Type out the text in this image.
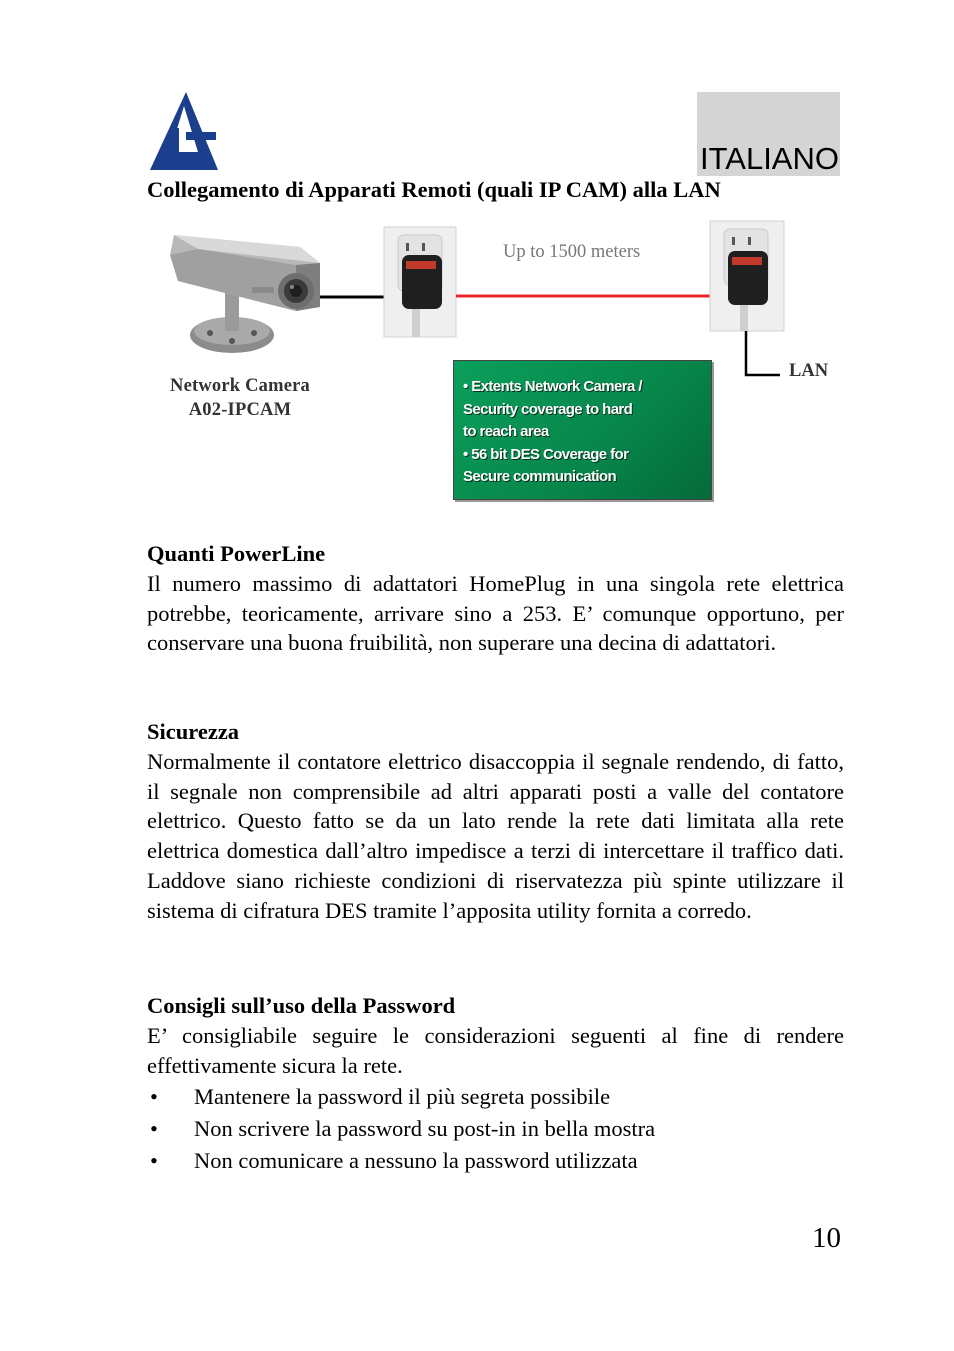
ITALIANO
Collegamento di Apparati Remoti (quali IP CAM) alla LAN
Up to 1500 meters
LAN
Network Camera
A02-IPCAM
• Extents Network Camera /
Security coverage to hard
to reach area
• 56 bit DES Coverage for
Secure communication
Quanti PowerLine
Il numero massimo di adattatori HomePlug in una singola rete elettrica potrebbe, teoricamente, arrivare sino a 253. E’ comunque opportuno, per conservare una buona fruibilità, non superare una decina di adattatori.
Sicurezza
Normalmente il contatore elettrico disaccoppia il segnale rendendo, di fatto, il segnale non comprensibile ad altri apparati posti a valle del contatore elettrico. Questo fatto se da un lato rende la rete dati limitata alla rete elettrica domestica dall’altro impedisce a terzi di intercettare il traffico dati. Laddove siano richieste condizioni di riservatezza più spinte utilizzare il sistema di cifratura DES tramite l’apposita utility fornita a corredo.
Consigli sull’uso della Password
E’ consigliabile seguire le considerazioni seguenti al fine di rendere effettivamente sicura la rete.
• Mantenere la password il più segreta possibile
• Non scrivere la password su post-in in bella mostra
• Non comunicare a nessuno la password utilizzata
10
